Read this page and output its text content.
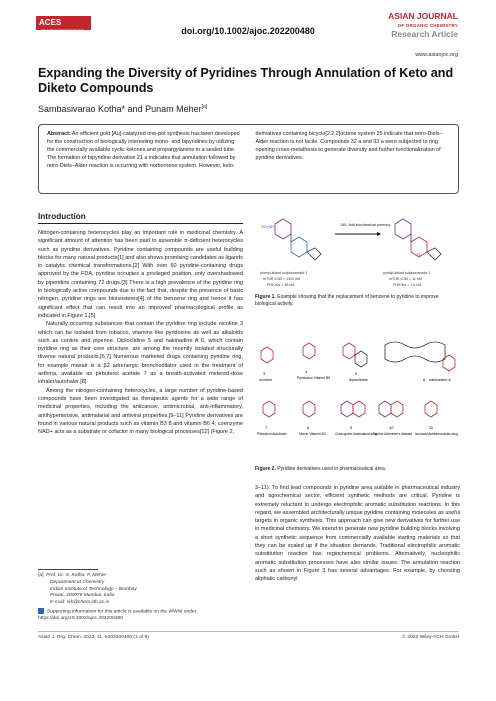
ACESAsian Chemical Editorial Society	doi.org/10.1002/ajoc.202200480
ASIAN JOURNAL
OF ORGANIC CHEMISTRY
Research Article
www.asianjoc.org
Expanding the Diversity of Pyridines Through Annulation of Keto and Diketo Compounds
Sambasivarao Kotha* and Punam Meher[a]
Abstract: An efficient gold [Au]-catalyzed one-pot synthesis has been developed for the construction of biologically interesting mono- and bipyridines by utilizing the commercially available cyclic ketones and propargylamine in a sealed tube. The formation of bipyridine derivative 21 a indicates that annulation followed by retro-Diels–Alder reaction is occurring with norbornene system. However, keto-derivatives containing bicyclo[2.2.2]octene system 25 indicate that retro-Diels–Alder reaction is not facile. Compounds 32 a and 33 a were subjected to ring opening cross-metathesis to generate diversity and further functionalization of pyridine derivatives.
Introduction

Nitrogen-containing heterocycles play an important role in medicinal chemistry. A significant amount of attention has been paid to assemble π-deficient heterocycles such as pyridine derivatives. Pyridine containing compounds are useful building blocks for many natural products[1] and also shows promising candidates as ligands in catalytic chemical transformations.[2] With over 60 pyridine-containing drugs approved by the FDA, pyridine occupies a privileged position, only overshadowed by piperidine containing 72 drugs.[3] There is a high prevalence of the pyridine ring in biologically active compounds due to the fact that, despite the presence of basic nitrogen, pyridine rings are bioisosteres[4] of the benzene ring and hence it has significant effect that can result into an improved pharmacological profile as indicated in Figure 1.[5]

Naturally occurring substances that contain the pyridine ring include nicotine 3 which can be isolated from tobacco, vitamins like pyridoxine as well as alkaloids such as coniine and piperine. Diploclidine 5 and nakinadine A 6, which contain pyridine ring as their core structure, are among the recently isolated structurally diverse natural products.[6,7] Numerous marketed drugs containing pyridine ring, for example maxair is a β2 adrenergic bronchodilator used in the treatment of asthma, available as pirbuterol acetate 7 as a breath-activated metered-dose inhaler/autohaler.[8]

Among the nitrogen-containing heterocycles, a large number of pyridine-based compounds have been investigated as therapeutic agents for a wide range of medicinal properties, including the anticancer, antimicrobial, anti-inflammatory, antihypertensive, antimalarial and antiviral properties.[9–11] Pyridine derivatives are found in various natural products such as vitamin B3 8 and vitamin B6 4; coenzyme NAD+ acts as a substrate or cofactor in many biological processes[12] (Figure 2,

SO₂NH
phenyl-linked sulphonamide 1
mTOR IC50 = 1300 nM
PI3K/Kα = 48 nM
140- fold biochemical potency
N
pyridyl-linked sulphonamide 2
mTOR IC50 = 11 nM
PI3K/Kα = 1.6 nM
Figure 1. Example showing that the replacement of benzene to pyridine to improve biological activity.
3
nicotine
4
Pyridoxine Vitamin B6
5
diploclidine	6 nakinadine A
7
Pirbuterol Autohaler
8
Niacin Vitamin B3
9
Chloroquine Antimalarial drug
10
Tacrine Alzheimer's disease
11
Isoniazid Antituberculosis drug
Figure 2. Pyridine derivatives used in pharmaceutical area.
3–11). To find lead compounds in pyridine area suitable in pharmaceutical industry and agrochemical sector, efficient synthetic methods are critical. Pyridine is extremely reluctant to undergo electrophilic aromatic substitution reactions. In this regard, we assembled architecturally unique pyridine containing molecules as useful targets in organic synthesis. This approach can give new derivatives for further use in medicinal chemistry. We intend to generate new pyridine building blocks involving a short synthetic sequence from commercially available starting materials so that they can be scaled up if the situation demands. Traditional electrophilic aromatic substitution reaction has regiochemical problems. Alternatively, nucleophilic aromatic substitution processes have also similar issues. The annulation reaction such as shown in Figure 3 has several advantages. For example, by choosing aliphatic carbonyl
[a] Prof. Dr. S. Kotha, P. Meher
Department of Chemistry
Indian Institute of Technology – Bombay
Powai, 400076 Mumbai, India
E-mail: srk@chem.iitb.ac.in
Supporting information for this article is available on the WWW under https://doi.org/10.1002/ajoc.202200480
Asian J. Org. Chem. 2022, 11, e202200480 (1 of 9)	© 2022 Wiley-VCH GmbH
